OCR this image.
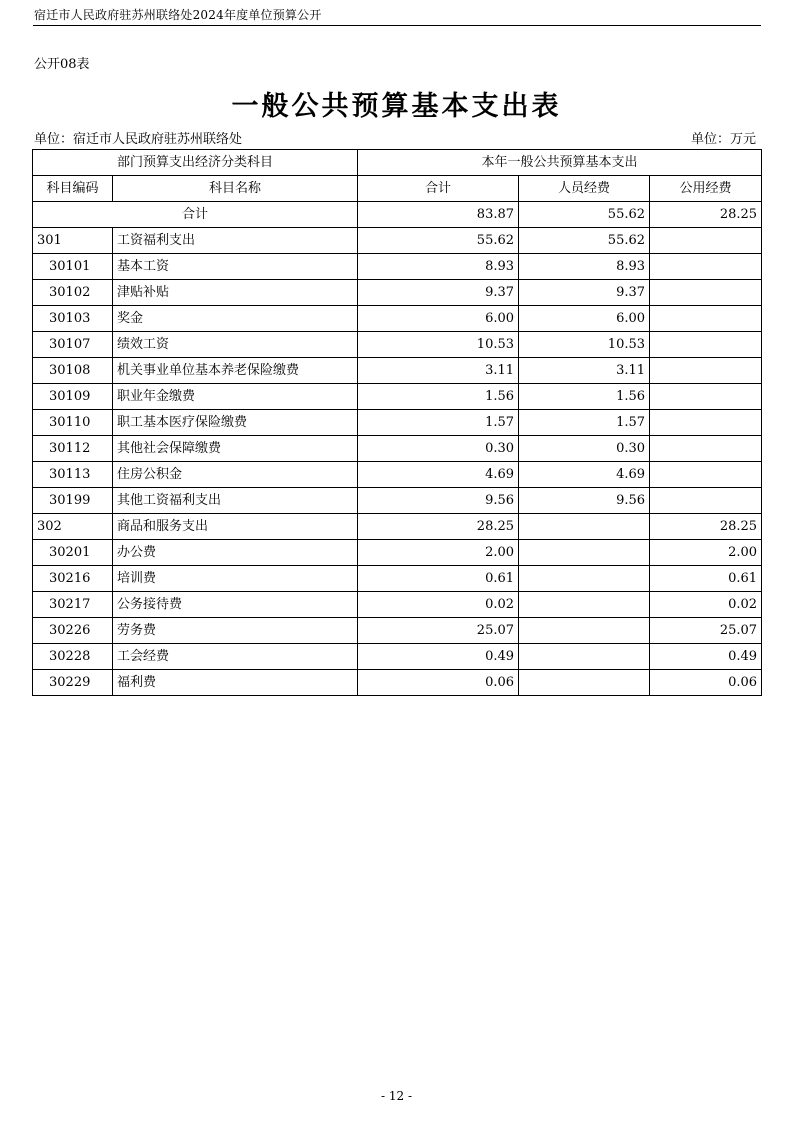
宿迁市人民政府驻苏州联络处2024年度单位预算公开
公开08表
一般公共预算基本支出表
单位：宿迁市人民政府驻苏州联络处	单位：万元
部门预算支出经济分类科目		本年一般公共预算基本支出		
科目编码	科目名称	合计	人员经费	公用经费
合计		83.87	55.62	28.25
301	工资福利支出	55.62	55.62	
30101	基本工资	8.93	8.93	
30102	津贴补贴	9.37	9.37	
30103	奖金	6.00	6.00	
30107	绩效工资	10.53	10.53	
30108	机关事业单位基本养老保险缴费	3.11	3.11	
30109	职业年金缴费	1.56	1.56	
30110	职工基本医疗保险缴费	1.57	1.57	
30112	其他社会保障缴费	0.30	0.30	
30113	住房公积金	4.69	4.69	
30199	其他工资福利支出	9.56	9.56	
302	商品和服务支出	28.25		28.25
30201	办公费	2.00		2.00
30216	培训费	0.61		0.61
30217	公务接待费	0.02		0.02
30226	劳务费	25.07		25.07
30228	工会经费	0.49		0.49
30229	福利费	0.06		0.06
- 12 -
